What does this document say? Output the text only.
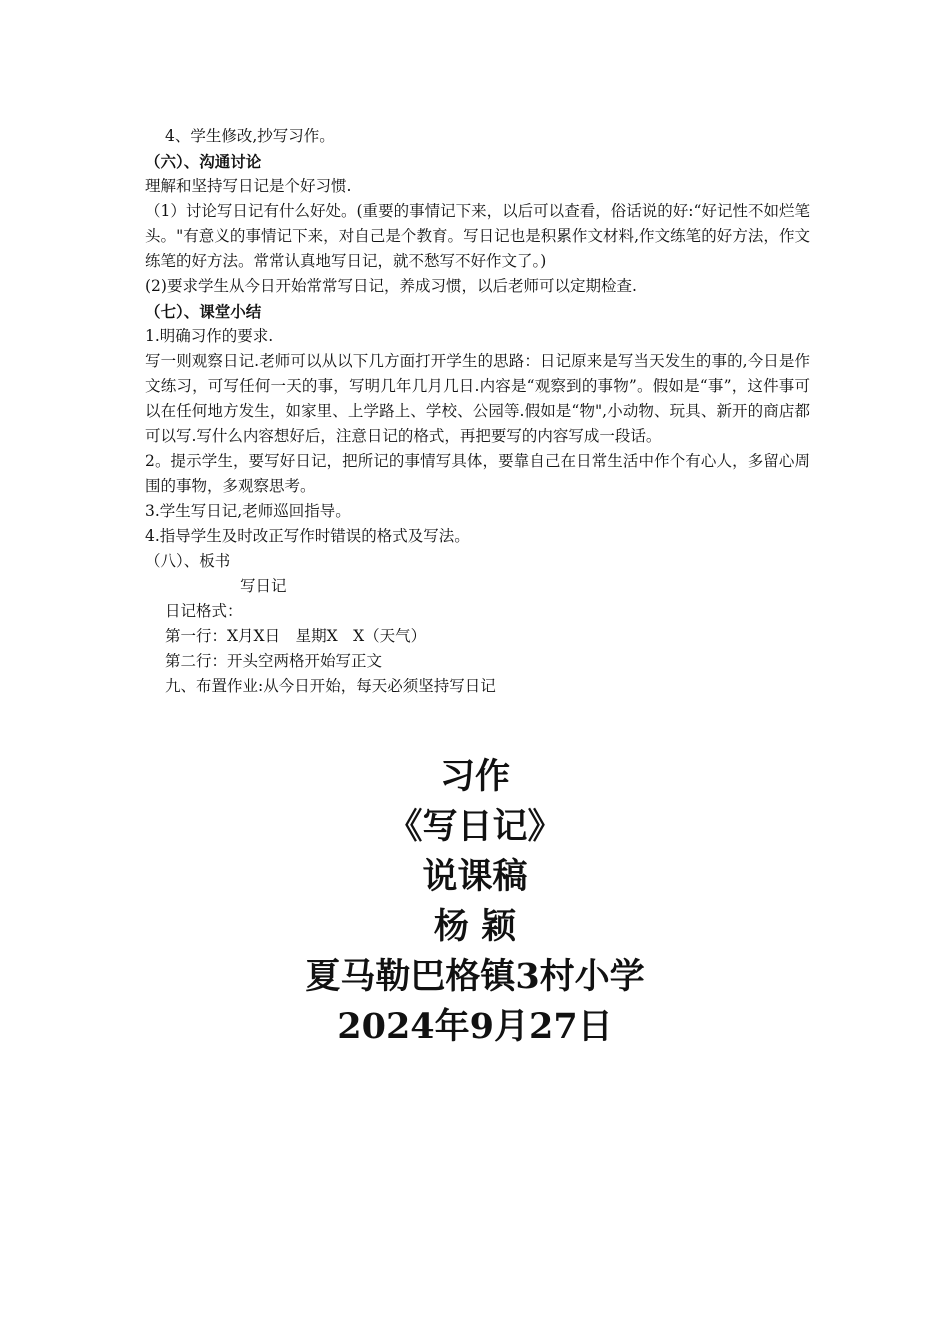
4、学生修改,抄写习作。
（六）、沟通讨论
理解和坚持写日记是个好习惯.
（1）讨论写日记有什么好处。(重要的事情记下来，以后可以查看，俗话说的好:“好记性不如烂笔头。"有意义的事情记下来，对自己是个教育。写日记也是积累作文材料,作文练笔的好方法，作文练笔的好方法。常常认真地写日记，就不愁写不好作文了。)
(2)要求学生从今日开始常常写日记，养成习惯，以后老师可以定期检查.
（七）、课堂小结
1.明确习作的要求.
写一则观察日记.老师可以从以下几方面打开学生的思路：日记原来是写当天发生的事的,今日是作文练习，可写任何一天的事，写明几年几月几日.内容是“观察到的事物”。假如是“事”，这件事可以在任何地方发生，如家里、上学路上、学校、公园等.假如是“物",小动物、玩具、新开的商店都可以写.写什么内容想好后，注意日记的格式，再把要写的内容写成一段话。
2。提示学生，要写好日记，把所记的事情写具体，要靠自己在日常生活中作个有心人，多留心周围的事物，多观察思考。
3.学生写日记,老师巡回指导。
4.指导学生及时改正写作时错误的格式及写法。
（八）、板书
写日记
日记格式：
第一行：X月X日　星期X　X（天气）
第二行：开头空两格开始写正文
九、布置作业:从今日开始，每天必须坚持写日记
习作
《写日记》
说课稿
杨 颖
夏马勒巴格镇3村小学
2024年9月27日
